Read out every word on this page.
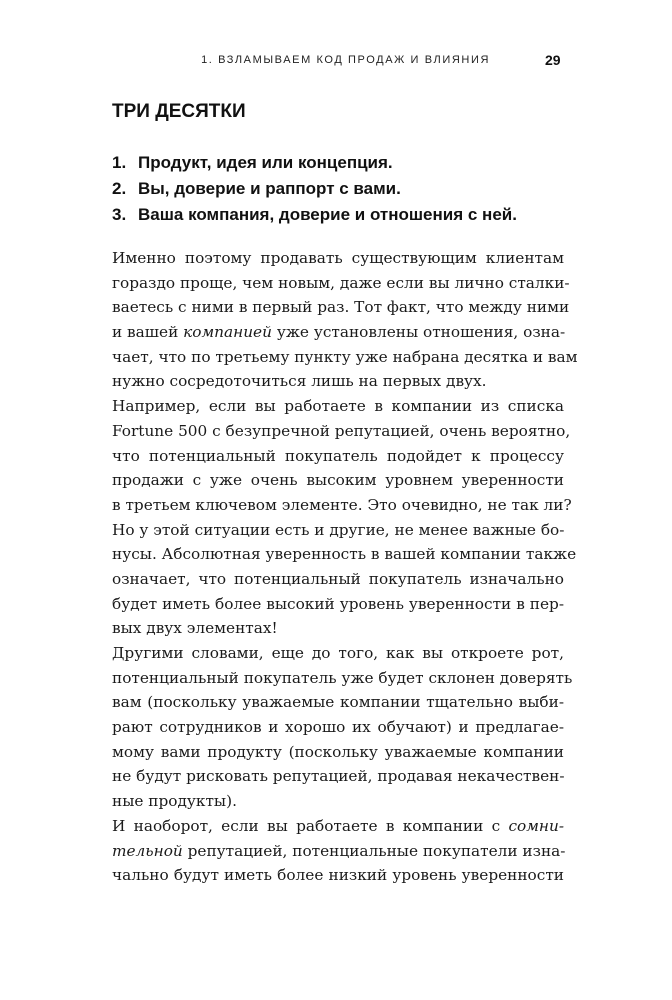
1. ВЗЛАМЫВАЕМ КОД ПРОДАЖ И ВЛИЯНИЯ	29
ТРИ ДЕСЯТКИ
1. Продукт, идея или концепция.
2. Вы, доверие и раппорт с вами.
3. Ваша компания, доверие и отношения с ней.
Именно поэтому продавать существующим клиентам
гораздо проще, чем новым, даже если вы лично сталки-
ваетесь с ними в первый раз. Тот факт, что между ними
и вашей компанией уже установлены отношения, озна-
чает, что по третьему пункту уже набрана десятка и вам
нужно сосредоточиться лишь на первых двух.
Например, если вы работаете в компании из списка
Fortune 500 с безупречной репутацией, очень вероятно,
что потенциальный покупатель подойдет к процессу
продажи с уже очень высоким уровнем уверенности
в третьем ключевом элементе. Это очевидно, не так ли?
Но у этой ситуации есть и другие, не менее важные бо-
нусы. Абсолютная уверенность в вашей компании также
означает, что потенциальный покупатель изначально
будет иметь более высокий уровень уверенности в пер-
вых двух элементах!
Другими словами, еще до того, как вы откроете рот,
потенциальный покупатель уже будет склонен доверять
вам (поскольку уважаемые компании тщательно выби-
рают сотрудников и хорошо их обучают) и предлагае-
мому вами продукту (поскольку уважаемые компании
не будут рисковать репутацией, продавая некачествен-
ные продукты).
И наоборот, если вы работаете в компании с сомни-
тельной репутацией, потенциальные покупатели изна-
чально будут иметь более низкий уровень уверенности
